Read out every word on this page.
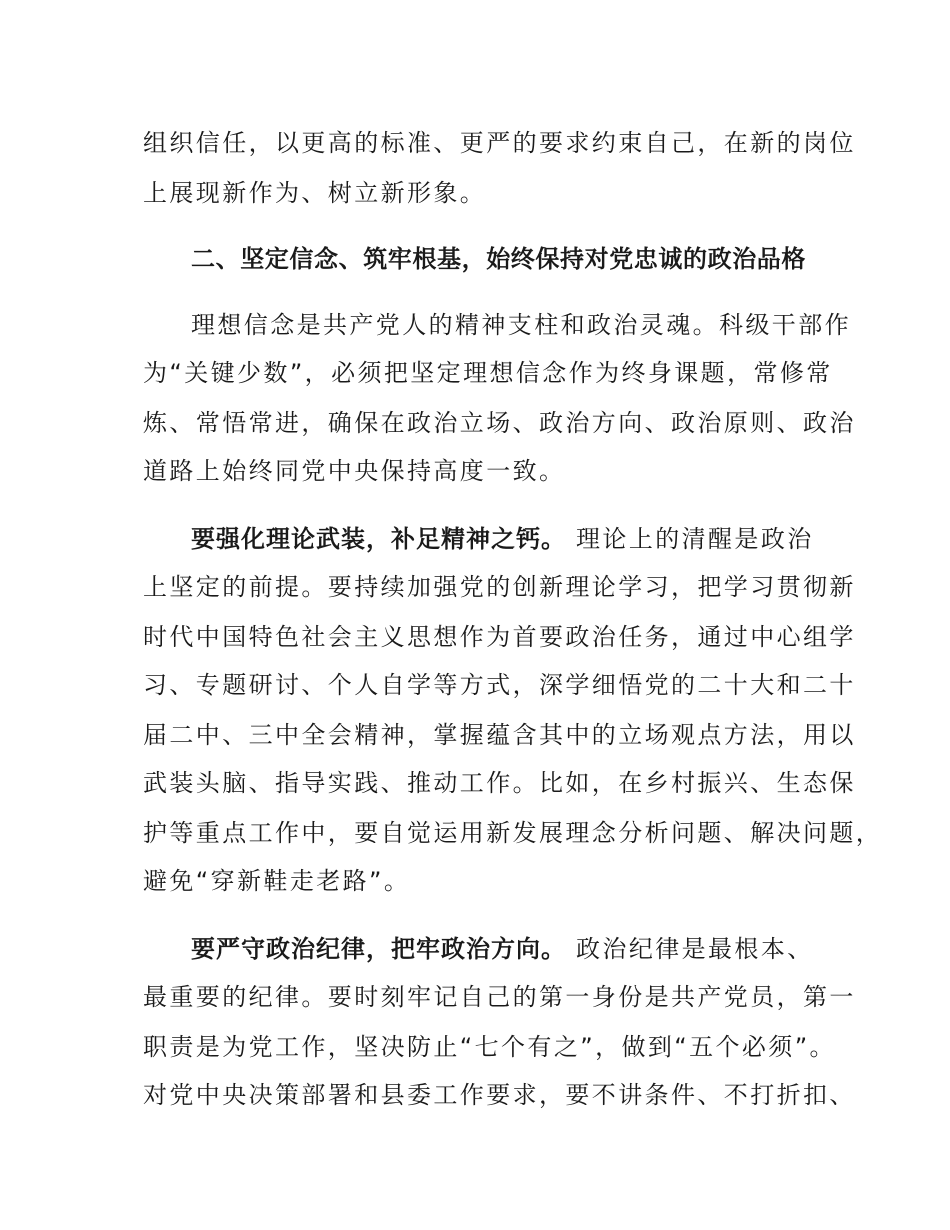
组织信任，以更高的标准、更严的要求约束自己，在新的岗位
上展现新作为、树立新形象。
二、坚定信念、筑牢根基，始终保持对党忠诚的政治品格
理想信念是共产党人的精神支柱和政治灵魂。科级干部作
为“关键少数”，必须把坚定理想信念作为终身课题，常修常
炼、常悟常进，确保在政治立场、政治方向、政治原则、政治
道路上始终同党中央保持高度一致。
要强化理论武装，补足精神之钙。 理论上的清醒是政治
上坚定的前提。要持续加强党的创新理论学习，把学习贯彻新
时代中国特色社会主义思想作为首要政治任务，通过中心组学
习、专题研讨、个人自学等方式，深学细悟党的二十大和二十
届二中、三中全会精神，掌握蕴含其中的立场观点方法，用以
武装头脑、指导实践、推动工作。比如，在乡村振兴、生态保
护等重点工作中，要自觉运用新发展理念分析问题、解决问题，
避免“穿新鞋走老路”。
要严守政治纪律，把牢政治方向。 政治纪律是最根本、
最重要的纪律。要时刻牢记自己的第一身份是共产党员，第一
职责是为党工作，坚决防止“七个有之”，做到“五个必须”。
对党中央决策部署和县委工作要求，要不讲条件、不打折扣、
